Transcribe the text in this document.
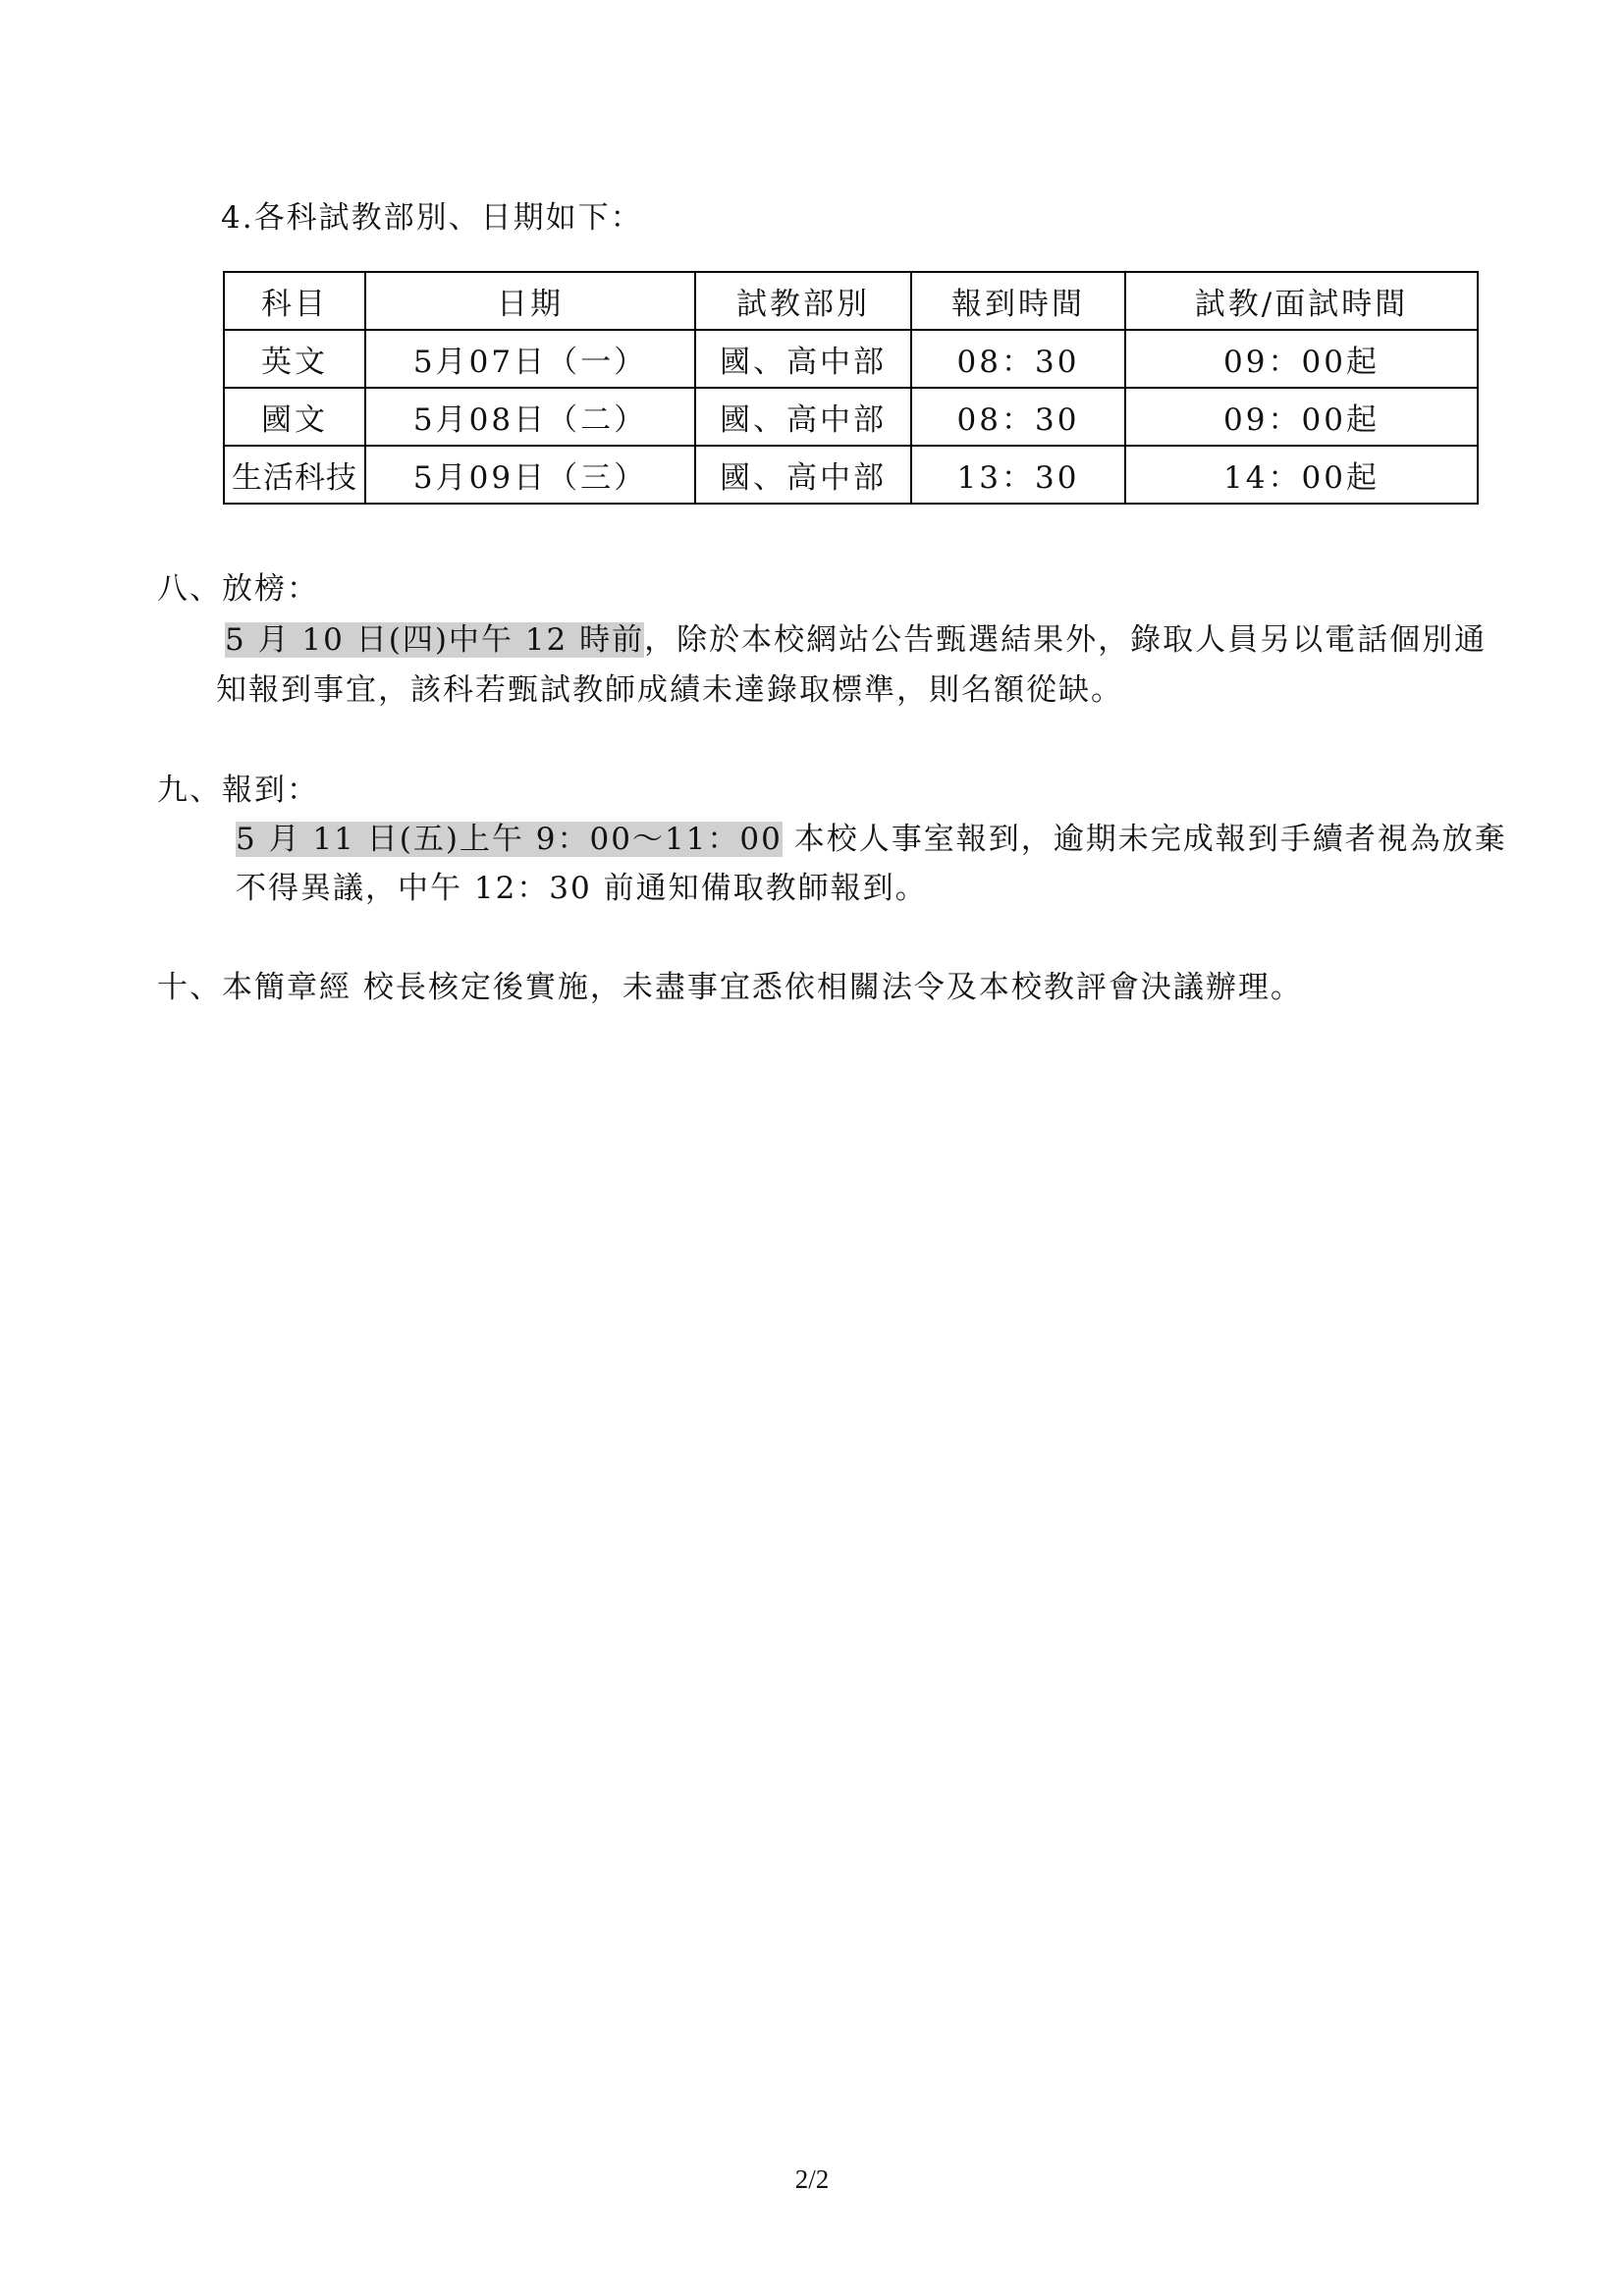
4.各科試教部別、日期如下：
科目	日期	試教部別	報到時間	試教/面試時間
英文	5月07日（一）	國、高中部	08：30	09：00起
國文	5月08日（二）	國、高中部	08：30	09：00起
生活科技	5月09日（三）	國、高中部	13：30	14：00起
八、放榜：
5 月 10 日(四)中午 12 時前，除於本校網站公告甄選結果外，錄取人員另以電話個別通
知報到事宜，該科若甄試教師成績未達錄取標準，則名額從缺。
九、報到：
5 月 11 日(五)上午 9：00～11：00 本校人事室報到，逾期未完成報到手續者視為放棄
不得異議，中午 12：30 前通知備取教師報到。
十、本簡章經 校長核定後實施，未盡事宜悉依相關法令及本校教評會決議辦理。
2/2
